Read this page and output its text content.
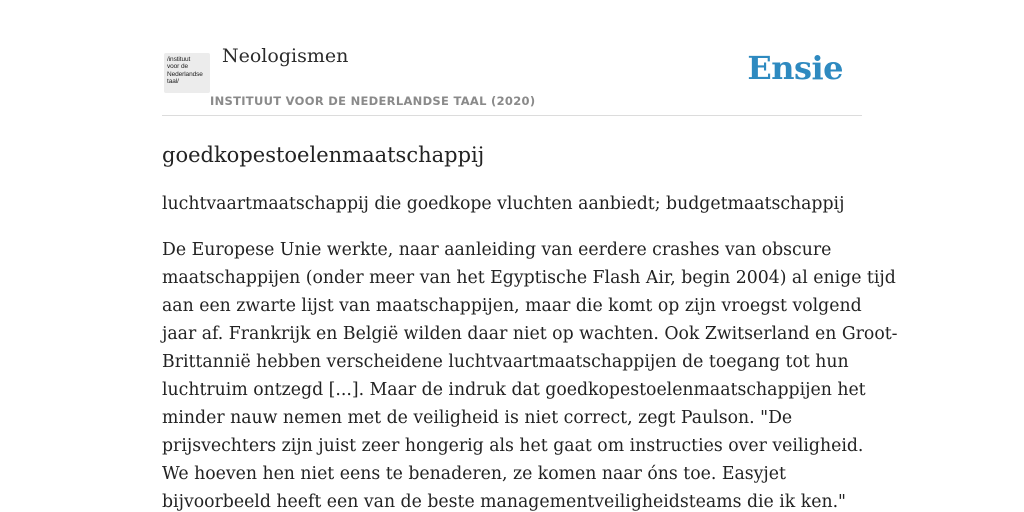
/instituut
voor de
Nederlandse
taal/
Neologismen
INSTITUUT VOOR DE NEDERLANDSE TAAL (2020)
Ensie
goedkopestoelenmaatschappij

luchtvaartmaatschappij die goedkope vluchten aanbiedt; budgetmaatschappij

De Europese Unie werkte, naar aanleiding van eerdere crashes van obscure
maatschappijen (onder meer van het Egyptische Flash Air, begin 2004) al enige tijd
aan een zwarte lijst van maatschappijen, maar die komt op zijn vroegst volgend
jaar af. Frankrijk en België wilden daar niet op wachten. Ook Zwitserland en Groot-
Brittannië hebben verscheidene luchtvaartmaatschappijen de toegang tot hun
luchtruim ontzegd [...]. Maar de indruk dat goedkopestoelenmaatschappijen het
minder nauw nemen met de veiligheid is niet correct, zegt Paulson. "De
prijsvechters zijn juist zeer hongerig als het gaat om instructies over veiligheid.
We hoeven hen niet eens te benaderen, ze komen naar óns toe. Easyjet
bijvoorbeeld heeft een van de beste managementveiligheidsteams die ik ken."
